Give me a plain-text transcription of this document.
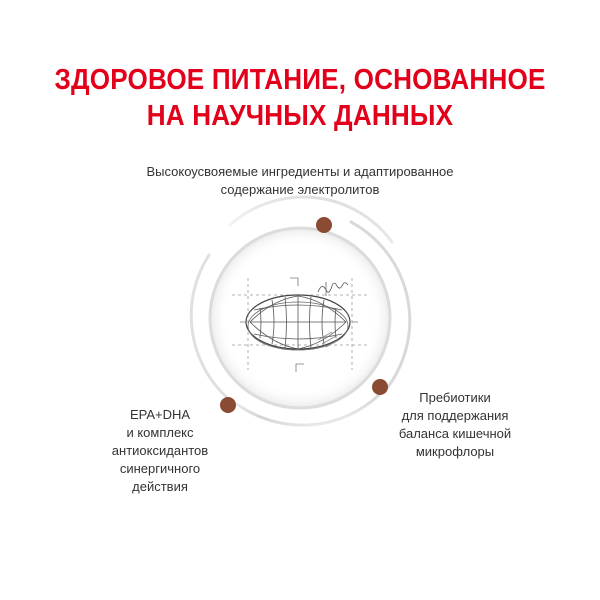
ЗДОРОВОЕ ПИТАНИЕ, ОСНОВАННОЕ
НА НАУЧНЫХ ДАННЫХ
Высокоусвояемые ингредиенты и адаптированное
содержание электролитов
EPA+DHA
и комплекс
антиоксидантов
синергичного
действия
Пребиотики
для поддержания
баланса кишечной
микрофлоры
